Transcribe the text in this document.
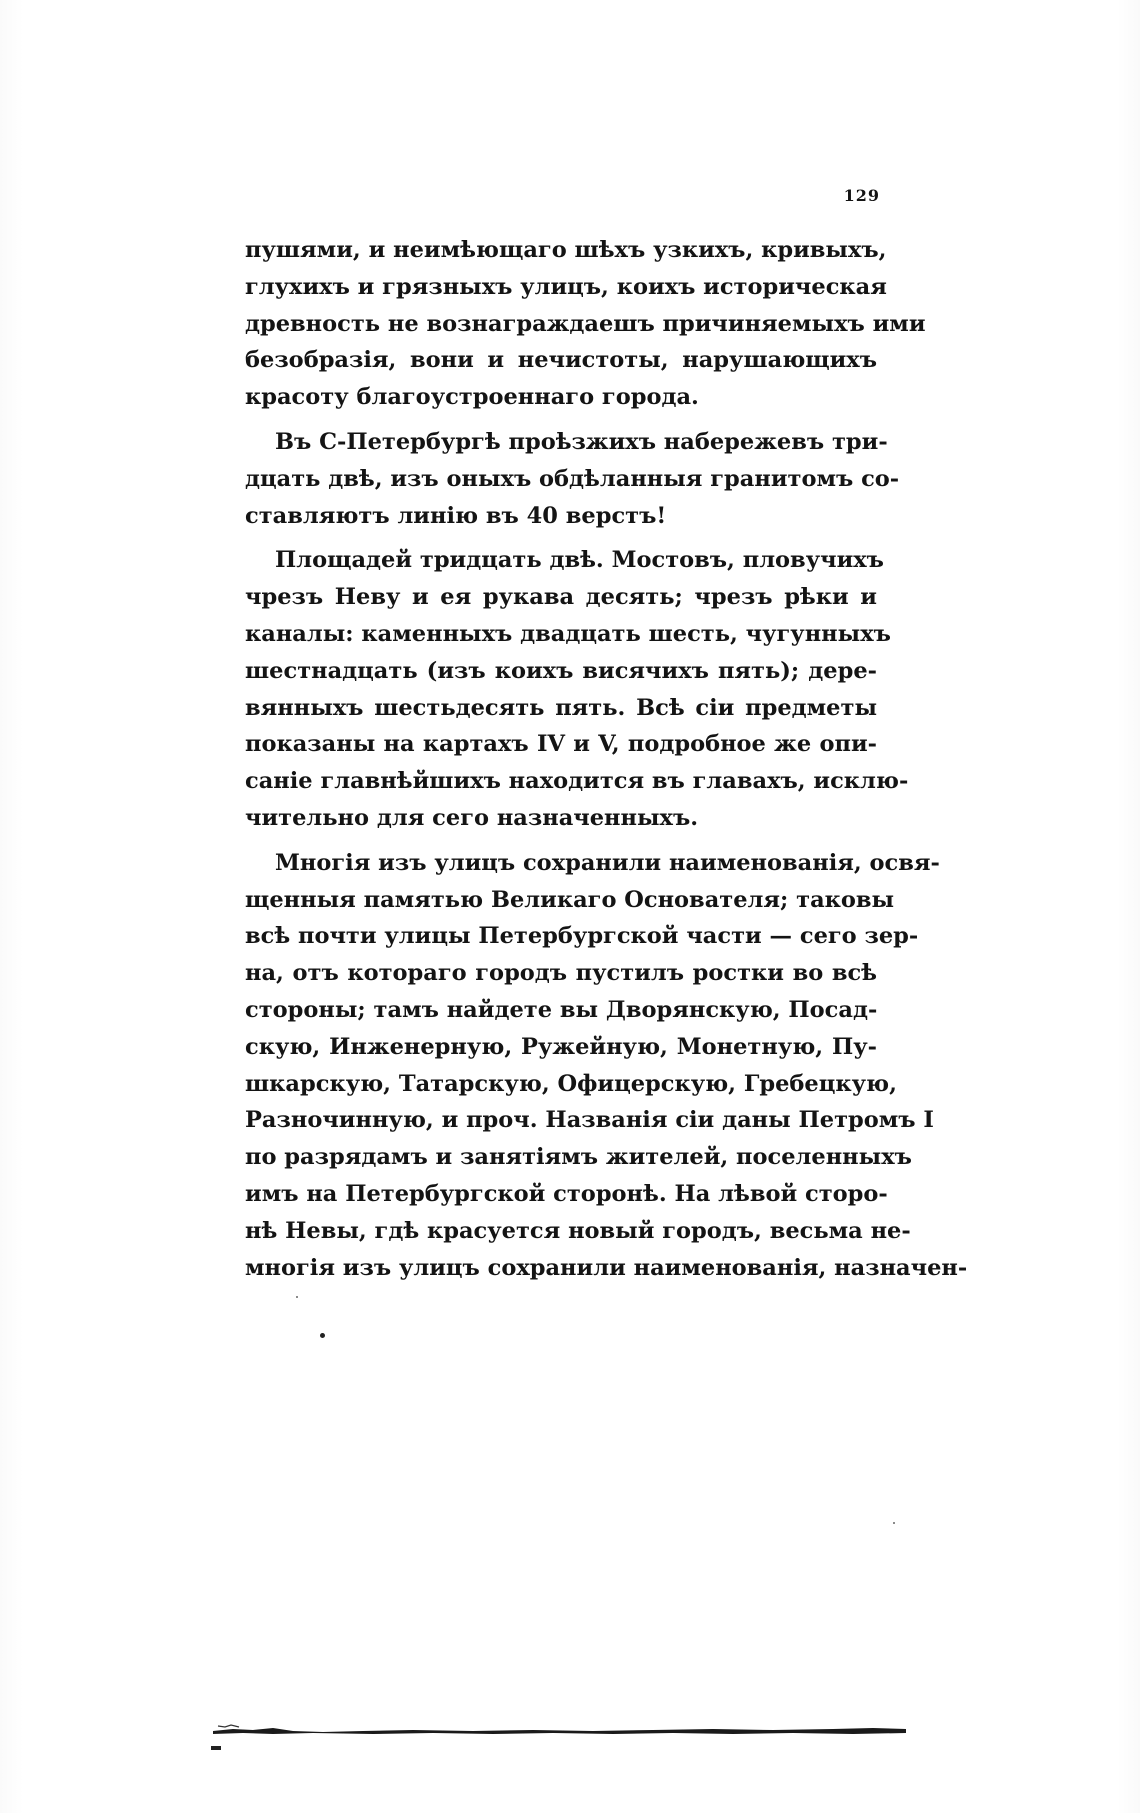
129
пушями, и неимѣющаго шѣхъ узкихъ, кривыхъ,
глухихъ и грязныхъ улицъ, коихъ историческая
древность не вознаграждаешъ причиняемыхъ ими
безобразія, вони и нечистоты, нарушающихъ
красоту благоустроеннаго города.
Въ С-Петербургѣ проѣзжихъ набережевъ три-
дцать двѣ, изъ оныхъ обдѣланныя гранитомъ со-
ставляютъ линію въ 40 верстъ!
Площадей тридцать двѣ. Мостовъ, пловучихъ
чрезъ Неву и ея рукава десять; чрезъ рѣки и
каналы: каменныхъ двадцать шесть, чугунныхъ
шестнадцать (изъ коихъ висячихъ пять); дере-
вянныхъ шестьдесять пять. Всѣ сіи предметы
показаны на картахъ IV и V, подробное же опи-
саніе главнѣйшихъ находится въ главахъ, исклю-
чительно для сего назначенныхъ.
Многія изъ улицъ сохранили наименованія, освя-
щенныя памятью Великаго Основателя; таковы
всѣ почти улицы Петербургской части — сего зер-
на, отъ котораго городъ пустилъ ростки во всѣ
стороны; тамъ найдете вы Дворянскую, Посад-
скую, Инженерную, Ружейную, Монетную, Пу-
шкарскую, Татарскую, Офицерскую, Гребецкую,
Разночинную, и проч. Названія сіи даны Петромъ I
по разрядамъ и занятіямъ жителей, поселенныхъ
имъ на Петербургской сторонѣ. На лѣвой сторо-
нѣ Невы, гдѣ красуется новый городъ, весьма не-
многія изъ улицъ сохранили наименованія, назначен-
